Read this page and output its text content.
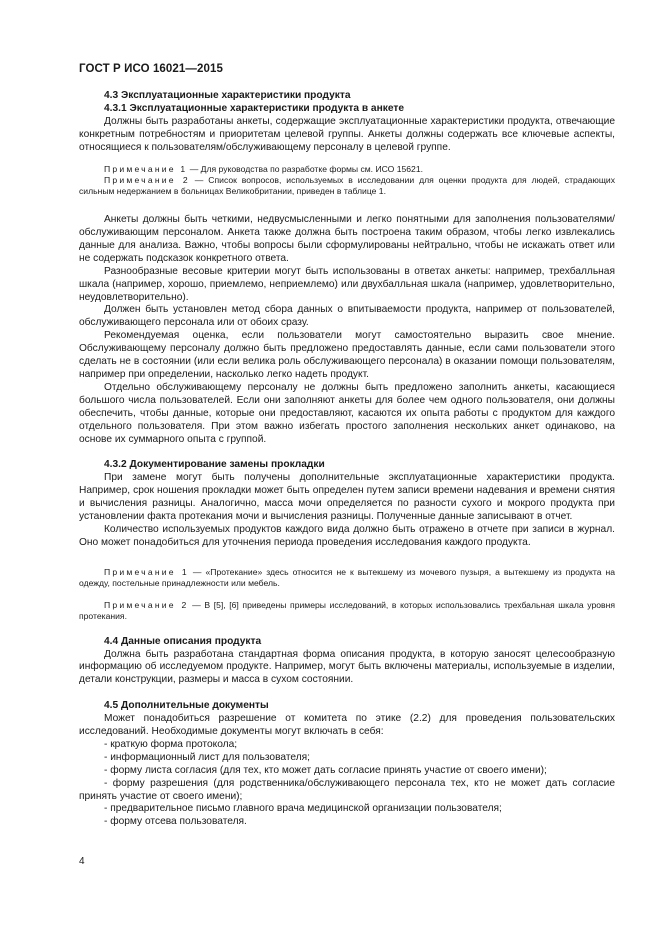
ГОСТ Р ИСО 16021—2015
4.3 Эксплуатационные характеристики продукта
4.3.1 Эксплуатационные характеристики продукта в анкете

Должны быть разработаны анкеты, содержащие эксплуатационные характеристики продукта, отвечающие конкретным потребностям и приоритетам целевой группы. Анкеты должны содержать все ключевые аспекты, относящиеся к пользователям/обслуживающему персоналу в целевой группе.

Примечание 1 — Для руководства по разработке формы см. ИСО 15621.

Примечание 2 — Список вопросов, используемых в исследовании для оценки продукта для людей, страдающих сильным недержанием в больницах Великобритании, приведен в таблице 1.

Анкеты должны быть четкими, недвусмысленными и легко понятными для заполнения пользователями/обслуживающим персоналом. Анкета также должна быть построена таким образом, чтобы легко извлекались данные для анализа. Важно, чтобы вопросы были сформулированы нейтрально, чтобы не искажать ответ или не содержать подсказок конкретного ответа.

Разнообразные весовые критерии могут быть использованы в ответах анкеты: например, трехбалльная шкала (например, хорошо, приемлемо, неприемлемо) или двухбалльная шкала (например, удовлетворительно, неудовлетворительно).

Должен быть установлен метод сбора данных о впитываемости продукта, например от пользователей, обслуживающего персонала или от обоих сразу.

Рекомендуемая оценка, если пользователи могут самостоятельно выразить свое мнение. Обслуживающему персоналу должно быть предложено предоставлять данные, если сами пользователи этого сделать не в состоянии (или если велика роль обслуживающего персонала) в оказании помощи пользователям, например при определении, насколько легко надеть продукт.

Отдельно обслуживающему персоналу не должны быть предложено заполнить анкеты, касающиеся большого числа пользователей. Если они заполняют анкеты для более чем одного пользователя, они должны обеспечить, чтобы данные, которые они предоставляют, касаются их опыта работы с продуктом для каждого отдельного пользователя. При этом важно избегать простого заполнения нескольких анкет одинаково, на основе их суммарного опыта с группой.

4.3.2 Документирование замены прокладки

При замене могут быть получены дополнительные эксплуатационные характеристики продукта. Например, срок ношения прокладки может быть определен путем записи времени надевания и времени снятия и вычисления разницы. Аналогично, масса мочи определяется по разности сухого и мокрого продукта при установлении факта протекания мочи и вычисления разницы. Полученные данные записывают в отчет.

Количество используемых продуктов каждого вида должно быть отражено в отчете при записи в журнал. Оно может понадобиться для уточнения периода проведения исследования каждого продукта.

Примечание 1 — «Протекание» здесь относится не к вытекшему из мочевого пузыря, а вытекшему из продукта на одежду, постельные принадлежности или мебель.

Примечание 2 — В [5], [6] приведены примеры исследований, в которых использовались трехбальная шкала уровня протекания.

4.4 Данные описания продукта

Должна быть разработана стандартная форма описания продукта, в которую заносят целесообразную информацию об исследуемом продукте. Например, могут быть включены материалы, используемые в изделии, детали конструкции, размеры и масса в сухом состоянии.

4.5 Дополнительные документы

Может понадобиться разрешение от комитета по этике (2.2) для проведения пользовательских исследований. Необходимые документы могут включать в себя:

- краткую форма протокола;
- информационный лист для пользователя;
- форму листа согласия (для тех, кто может дать согласие принять участие от своего имени);
- форму разрешения (для родственника/обслуживающего персонала тех, кто не может дать согласие принять участие от своего имени);
- предварительное письмо главного врача медицинской организации пользователя;
- форму отсева пользователя.
4
